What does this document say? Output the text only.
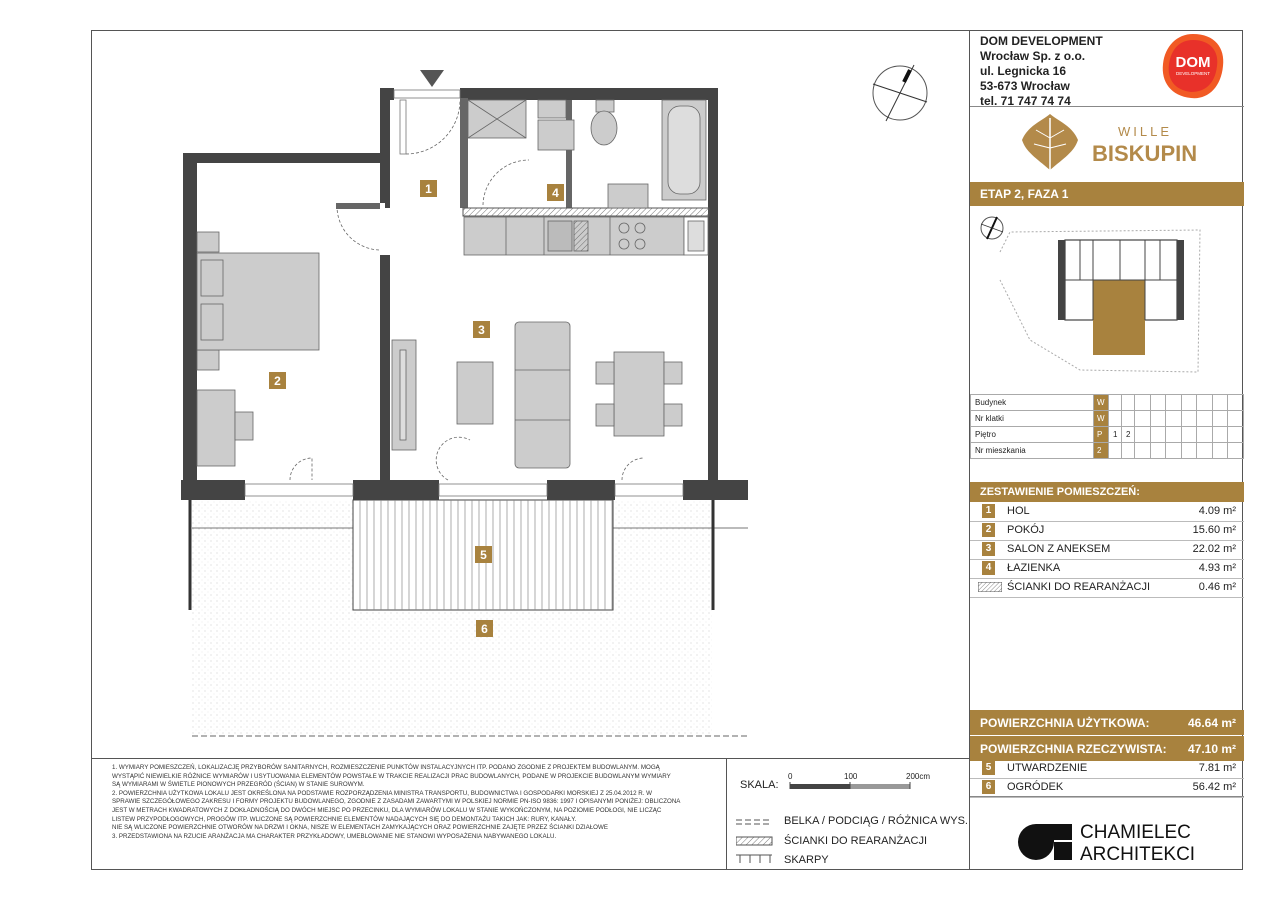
1
2
3
4
5
6
DOM DEVELOPMENT
Wrocław Sp. z o.o.
ul. Legnicka 16
53-673 Wrocław
tel. 71 747 74 74
DOM
DEVELOPMENT
WILLE
BISKUPIN
ETAP 2, FAZA 1
Budynek	W									
Nr klatki	W									
Piętro	P	1	2							
Nr mieszkania	2									
ZESTAWIENIE POMIESZCZEŃ:
1	HOL	4.09 m²
2	POKÓJ	15.60 m²
3	SALON Z ANEKSEM	22.02 m²
4	ŁAZIENKA	4.93 m²
ŚCIANKI DO REARANŻACJI	0.46 m²
POWIERZCHNIA UŻYTKOWA:	46.64 m²
POWIERZCHNIA RZECZYWISTA: 47.10 m²
5	UTWARDZENIE	7.81 m²
6	OGRÓDEK	56.42 m²
1. WYMIARY POMIESZCZEŃ, LOKALIZACJĘ PRZYBORÓW SANITARNYCH, ROZMIESZCZENIE PUNKTÓW INSTALACYJNYCH ITP. PODANO ZGODNIE Z PROJEKTEM BUDOWLANYM. MOGĄ
WYSTĄPIĆ NIEWIELKIE RÓŻNICE WYMIARÓW I USYTUOWANIA ELEMENTÓW POWSTAŁE W TRAKCIE REALIZACJI PRAC BUDOWLANYCH, PODANE W PROJEKCIE BUDOWLANYM WYMIARY
SĄ WYMIARAMI W ŚWIETLE PIONOWYCH PRZEGRÓD (ŚCIAN) W STANIE SUROWYM.
2. POWIERZCHNIA UŻYTKOWA LOKALU JEST OKREŚLONA NA PODSTAWIE ROZPORZĄDZENIA MINISTRA TRANSPORTU, BUDOWNICTWA I GOSPODARKI MORSKIEJ Z 25.04.2012 R. W
SPRAWIE SZCZEGÓŁOWEGO ZAKRESU I FORMY PROJEKTU BUDOWLANEGO, ZGODNIE Z ZASADAMI ZAWARTYMI W POLSKIEJ NORMIE PN-ISO 9836: 1997 I OPISANYMI PONIŻEJ: OBLICZONA
JEST W METRACH KWADRATOWYCH Z DOKŁADNOŚCIĄ DO DWÓCH MIEJSC PO PRZECINKU, DLA WYMIARÓW LOKALU W STANIE WYKOŃCZONYM, NA POZIOMIE PODŁOGI, NIE LICZĄC
LISTEW PRZYPODŁOGOWYCH, PROGÓW ITP. WLICZONE SĄ POWIERZCHNIE ELEMENTÓW NADAJĄCYCH SIĘ DO DEMONTAŻU TAKICH JAK: RURY, KANAŁY.
NIE SĄ WLICZONE POWIERZCHNIE OTWORÓW NA DRZWI I OKNA, NISZE W ELEMENTACH ZAMYKAJĄCYCH ORAZ POWIERZCHNIE ZAJĘTE PRZEZ ŚCIANKI DZIAŁOWE
3. PRZEDSTAWIONA NA RZUCIE ARANŻACJA MA CHARAKTER PRZYKŁADOWY, UMEBLOWANIE NIE STANOWI WYPOSAŻENIA NABYWANEGO LOKALU.
SKALA:
0	100	200cm
BELKA / PODCIĄG / RÓŻNICA WYS.
ŚCIANKI DO REARANŻACJI
SKARPY
CHAMIELEC
ARCHITEKCI
